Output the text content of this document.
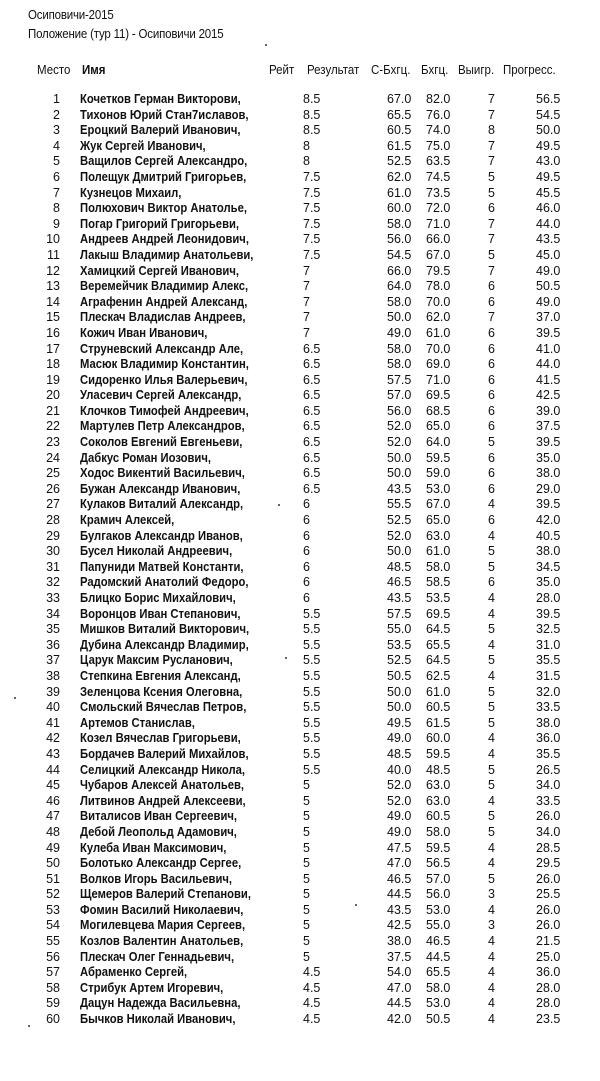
Осиповичи-2015
Положение (тур 11) - Осиповичи 2015
Место Имя	Рейт Результат С-Бхгц. Бхгц. Выигр. Прогресс.
1 Кочетков Герман Викторови,	8.5	67.0 82.0	7	56.5
2 Тихонов Юрий Стан7иславов,	8.5	65.5 76.0	7	54.5
3 Ероцкий Валерий Иванович,	8.5	60.5 74.0	8	50.0
4 Жук Сергей Иванович,	8	61.5 75.0	7	49.5
5 Ващилов Сергей Александро,	8	52.5 63.5	7	43.0
6 Полещук Дмитрий Григорьев,	7.5	62.0 74.5	5	49.5
7 Кузнецов Михаил,	7.5	61.0 73.5	5	45.5
8 Полюхович Виктор Анатолье,	7.5	60.0 72.0	6	46.0
9 Погар Григорий Григорьеви,	7.5	58.0 71.0	7	44.0
10 Андреев Андрей Леонидович,	7.5	56.0 66.0	7	43.5
11 Лакыш Владимир Анатольеви,	7.5	54.5 67.0	5	45.0
12 Хамицкий Сергей Иванович,	7	66.0 79.5	7	49.0
13 Веремейчик Владимир Алекс,	7	64.0 78.0	6	50.5
14 Аграфенин Андрей Александ,	7	58.0 70.0	6	49.0
15 Плескач Владислав Андреев,	7	50.0 62.0	7	37.0
16 Кожич Иван Иванович,	7	49.0 61.0	6	39.5
17 Струневский Александр Але,	6.5	58.0 70.0	6	41.0
18 Масюк Владимир Константин,	6.5	58.0 69.0	6	44.0
19 Сидоренко Илья Валерьевич,	6.5	57.5 71.0	6	41.5
20 Уласевич Сергей Александр,	6.5	57.0 69.5	6	42.5
21 Клочков Тимофей Андреевич,	6.5	56.0 68.5	6	39.0
22 Мартулев Петр Александров,	6.5	52.0 65.0	6	37.5
23 Соколов Евгений Евгеньеви,	6.5	52.0 64.0	5	39.5
24 Дабкус Роман Иозович,	6.5	50.0 59.5	6	35.0
25 Ходос Викентий Васильевич,	6.5	50.0 59.0	6	38.0
26 Бужан Александр Иванович,	6.5	43.5 53.0	6	29.0
27 Кулаков Виталий Александр,	6	55.5 67.0	4	39.5
28 Крамич Алексей,	6	52.5 65.0	6	42.0
29 Булгаков Александр Иванов,	6	52.0 63.0	4	40.5
30 Бусел Николай Андреевич,	6	50.0 61.0	5	38.0
31 Папуниди Матвей Константи,	6	48.5 58.0	5	34.5
32 Радомский Анатолий Федоро,	6	46.5 58.5	6	35.0
33 Блицко Борис Михайлович,	6	43.5 53.5	4	28.0
34 Воронцов Иван Степанович,	5.5	57.5 69.5	4	39.5
35 Мишков Виталий Викторович,	5.5	55.0 64.5	5	32.5
36 Дубина Александр Владимир,	5.5	53.5 65.5	4	31.0
37 Царук Максим Русланович,	5.5	52.5 64.5	5	35.5
38 Степкина Евгения Александ,	5.5	50.5 62.5	4	31.5
39 Зеленцова Ксения Олеговна,	5.5	50.0 61.0	5	32.0
40 Смольский Вячеслав Петров,	5.5	50.0 60.5	5	33.5
41 Артемов Станислав,	5.5	49.5 61.5	5	38.0
42 Козел Вячеслав Григорьеви,	5.5	49.0 60.0	4	36.0
43 Бордачев Валерий Михайлов,	5.5	48.5 59.5	4	35.5
44 Селицкий Александр Никола,	5.5	40.0 48.5	5	26.5
45 Чубаров Алексей Анатольев,	5	52.0 63.0	5	34.0
46 Литвинов Андрей Алексееви,	5	52.0 63.0	4	33.5
47 Виталисов Иван Сергеевич,	5	49.0 60.5	5	26.0
48 Дебой Леопольд Адамович,	5	49.0 58.0	5	34.0
49 Кулеба Иван Максимович,	5	47.5 59.5	4	28.5
50 Болотько Александр Сергее,	5	47.0 56.5	4	29.5
51 Волков Игорь Васильевич,	5	46.5 57.0	5	26.0
52 Щемеров Валерий Степанови,	5	44.5 56.0	3	25.5
53 Фомин Василий Николаевич,	5	43.5 53.0	4	26.0
54 Могилевцева Мария Сергеев,	5	42.5 55.0	3	26.0
55 Козлов Валентин Анатольев,	5	38.0 46.5	4	21.5
56 Плескач Олег Геннадьевич,	5	37.5 44.5	4	25.0
57 Абраменко Сергей,	4.5	54.0 65.5	4	36.0
58 Стрибук Артем Игоревич,	4.5	47.0 58.0	4	28.0
59 Дацун Надежда Васильевна,	4.5	44.5 53.0	4	28.0
60 Бычков Николай Иванович,	4.5	42.0 50.5	4	23.5
